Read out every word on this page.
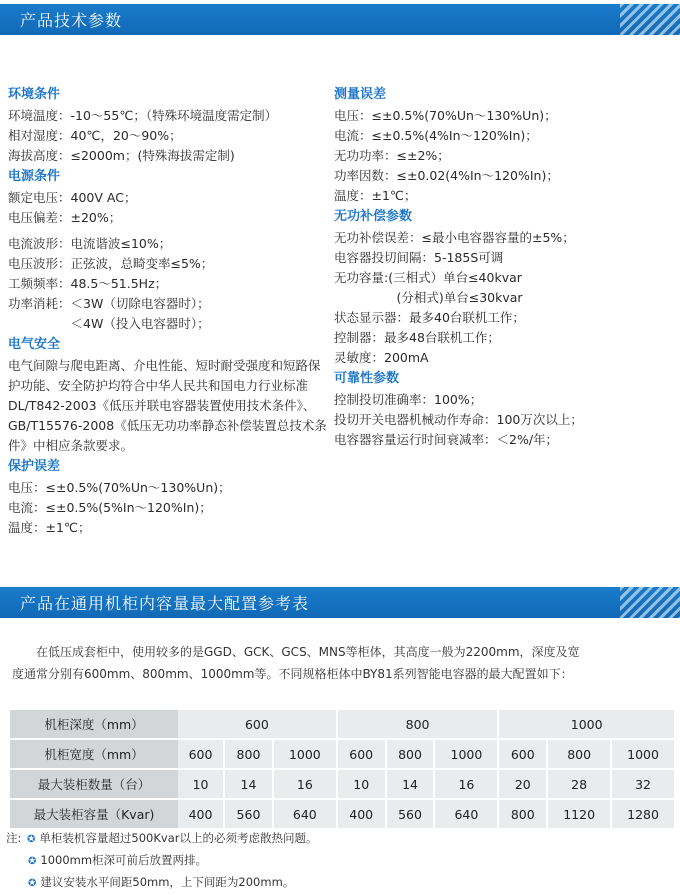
产品技术参数

环境条件

环境温度：-10～55℃；（特殊环境温度需定制）

相对湿度：40℃，20～90%；

海拔高度：≤2000m；(特殊海拔需定制)

电源条件

额定电压：400V AC；

电压偏差：±20%；

电流波形：电流谐波≤10%；

电压波形：正弦波，总畸变率≤5%；

工频频率：48.5～51.5Hz；

功率消耗：＜3W（切除电容器时）；

　　　　　＜4W（投入电容器时）；

电气安全

电气间隙与爬电距离、介电性能、短时耐受强度和短路保护功能、安全防护均符合中华人民共和国电力行业标准DL/T842-2003《低压并联电容器装置使用技术条件》、GB/T15576-2008《低压无功功率静态补偿装置总技术条件》中相应条款要求。

保护误差

电压：≤±0.5%(70%Un～130%Un)；

电流：≤±0.5%(5%In～120%In)；

温度：±1℃；

测量误差

电压：≤±0.5%(70%Un～130%Un)；

电流：≤±0.5%(4%In～120%In)；

无功功率：≤±2%；

功率因数：≤±0.02(4%In～120%In)；

温度：±1℃；

无功补偿参数

无功补偿误差：≤最小电容器容量的±5%；

电容器投切间隔：5-185S可调

无功容量:(三相式）单台≤40kvar

　　　　　(分相式)单台≤30kvar

状态显示器：最多40台联机工作；

控制器：最多48台联机工作；

灵敏度：200mA

可靠性参数

控制投切准确率：100%；

投切开关电器机械动作寿命：100万次以上；

电容器容量运行时间衰减率：＜2%/年；

产品在通用机柜内容量最大配置参考表

在低压成套柜中，使用较多的是GGD、GCK、GCS、MNS等柜体，其高度一般为2200mm，深度及宽

度通常分别有600mm、800mm、1000mm等。不同规格柜体中BY81系列智能电容器的最大配置如下：

机柜深度（mm）	600			800			1000		
机柜宽度（mm）	600	800	1000	600	800	1000	600	800	1000
最大装柜数量（台）	10	14	16	10	14	16	20	28	32
最大装柜容量（Kvar)	400	560	640	400	560	640	800	1120	1280

注: ✪ 单柜装机容量超过500Kvar以上的必须考虑散热问题。

✪ 1000mm柜深可前后放置两排。

✪ 建议安装水平间距50mm，上下间距为200mm。
